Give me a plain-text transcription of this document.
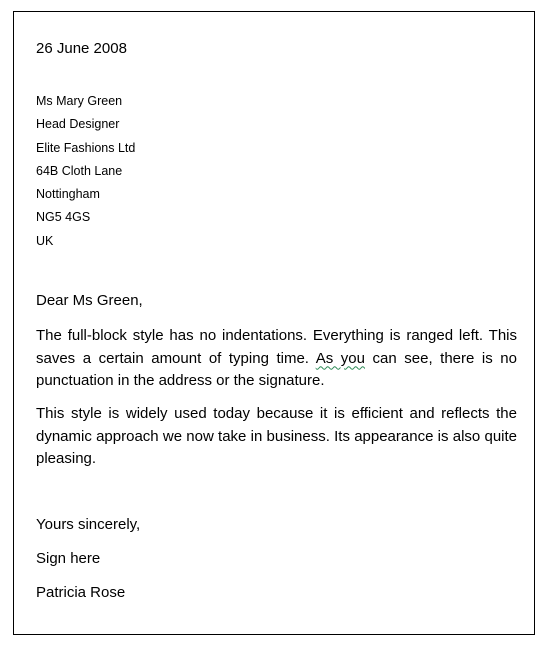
26 June 2008
Ms Mary Green
Head Designer
Elite Fashions Ltd
64B Cloth Lane
Nottingham
NG5 4GS
UK
Dear Ms Green,

The full-block style has no indentations. Everything is ranged left. This saves a certain amount of typing time. As you can see, there is no punctuation in the address or the signature.

This style is widely used today because it is efficient and reflects the dynamic approach we now take in business. Its appearance is also quite pleasing.

Yours sincerely,
Sign here
Patricia Rose
